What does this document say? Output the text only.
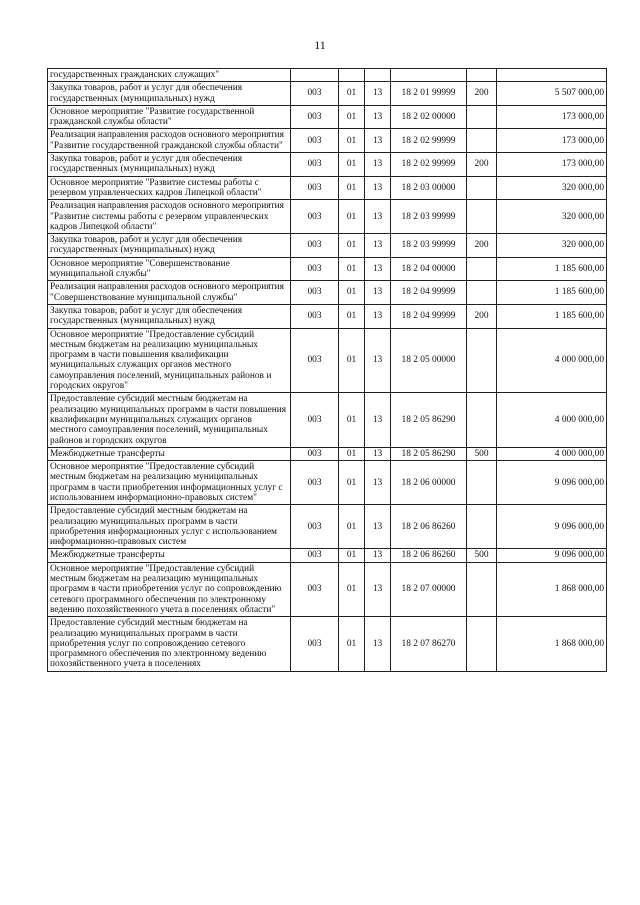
11
государственных гражданских служащих"						
Закупка товаров, работ и услуг для обеспечения государственных (муниципальных) нужд	003	01	13	18 2 01 99999	200	5 507 000,00
Основное мероприятие "Развитие государственной гражданской службы области"	003	01	13	18 2 02 00000		173 000,00
Реализация направления расходов основного мероприятия "Развитие государственной гражданской службы области"	003	01	13	18 2 02 99999		173 000,00
Закупка товаров, работ и услуг для обеспечения государственных (муниципальных) нужд	003	01	13	18 2 02 99999	200	173 000,00
Основное мероприятие "Развитие системы работы с резервом управленческих кадров Липецкой области"	003	01	13	18 2 03 00000		320 000,00
Реализация направления расходов основного мероприятия "Развитие системы работы с резервом управленческих кадров Липецкой области"	003	01	13	18 2 03 99999		320 000,00
Закупка товаров, работ и услуг для обеспечения государственных (муниципальных) нужд	003	01	13	18 2 03 99999	200	320 000,00
Основное мероприятие "Совершенствование муниципальной службы"	003	01	13	18 2 04 00000		1 185 600,00
Реализация направления расходов основного мероприятия "Совершенствование муниципальной службы"	003	01	13	18 2 04 99999		1 185 600,00
Закупка товаров, работ и услуг для обеспечения государственных (муниципальных) нужд	003	01	13	18 2 04 99999	200	1 185 600,00
Основное мероприятие "Предоставление субсидий местным бюджетам на реализацию муниципальных программ в части повышения квалификации муниципальных служащих органов местного самоуправления поселений, муниципальных районов и городских округов"	003	01	13	18 2 05 00000		4 000 000,00
Предоставление субсидий местным бюджетам на реализацию муниципальных программ в части повышения квалификации муниципальных служащих органов местного самоуправления поселений, муниципальных районов и городских округов	003	01	13	18 2 05 86290		4 000 000,00
Межбюджетные трансферты	003	01	13	18 2 05 86290	500	4 000 000,00
Основное мероприятие "Предоставление субсидий местным бюджетам на реализацию муниципальных программ в части приобретения информационных услуг с использованием информационно-правовых систем"	003	01	13	18 2 06 00000		9 096 000,00
Предоставление субсидий местным бюджетам на реализацию муниципальных программ в части приобретения информационных услуг с использованием информационно-правовых систем	003	01	13	18 2 06 86260		9 096 000,00
Межбюджетные трансферты	003	01	13	18 2 06 86260	500	9 096 000,00
Основное мероприятие "Предоставление субсидий местным бюджетам на реализацию муниципальных программ в части приобретения услуг по сопровождению сетевого программного обеспечения по электронному ведению похозяйственного учета в поселениях области"	003	01	13	18 2 07 00000		1 868 000,00
Предоставление субсидий местным бюджетам на реализацию муниципальных программ в части приобретения услуг по сопровождению сетевого программного обеспечения по электронному ведению похозяйственного учета в поселениях	003	01	13	18 2 07 86270		1 868 000,00
